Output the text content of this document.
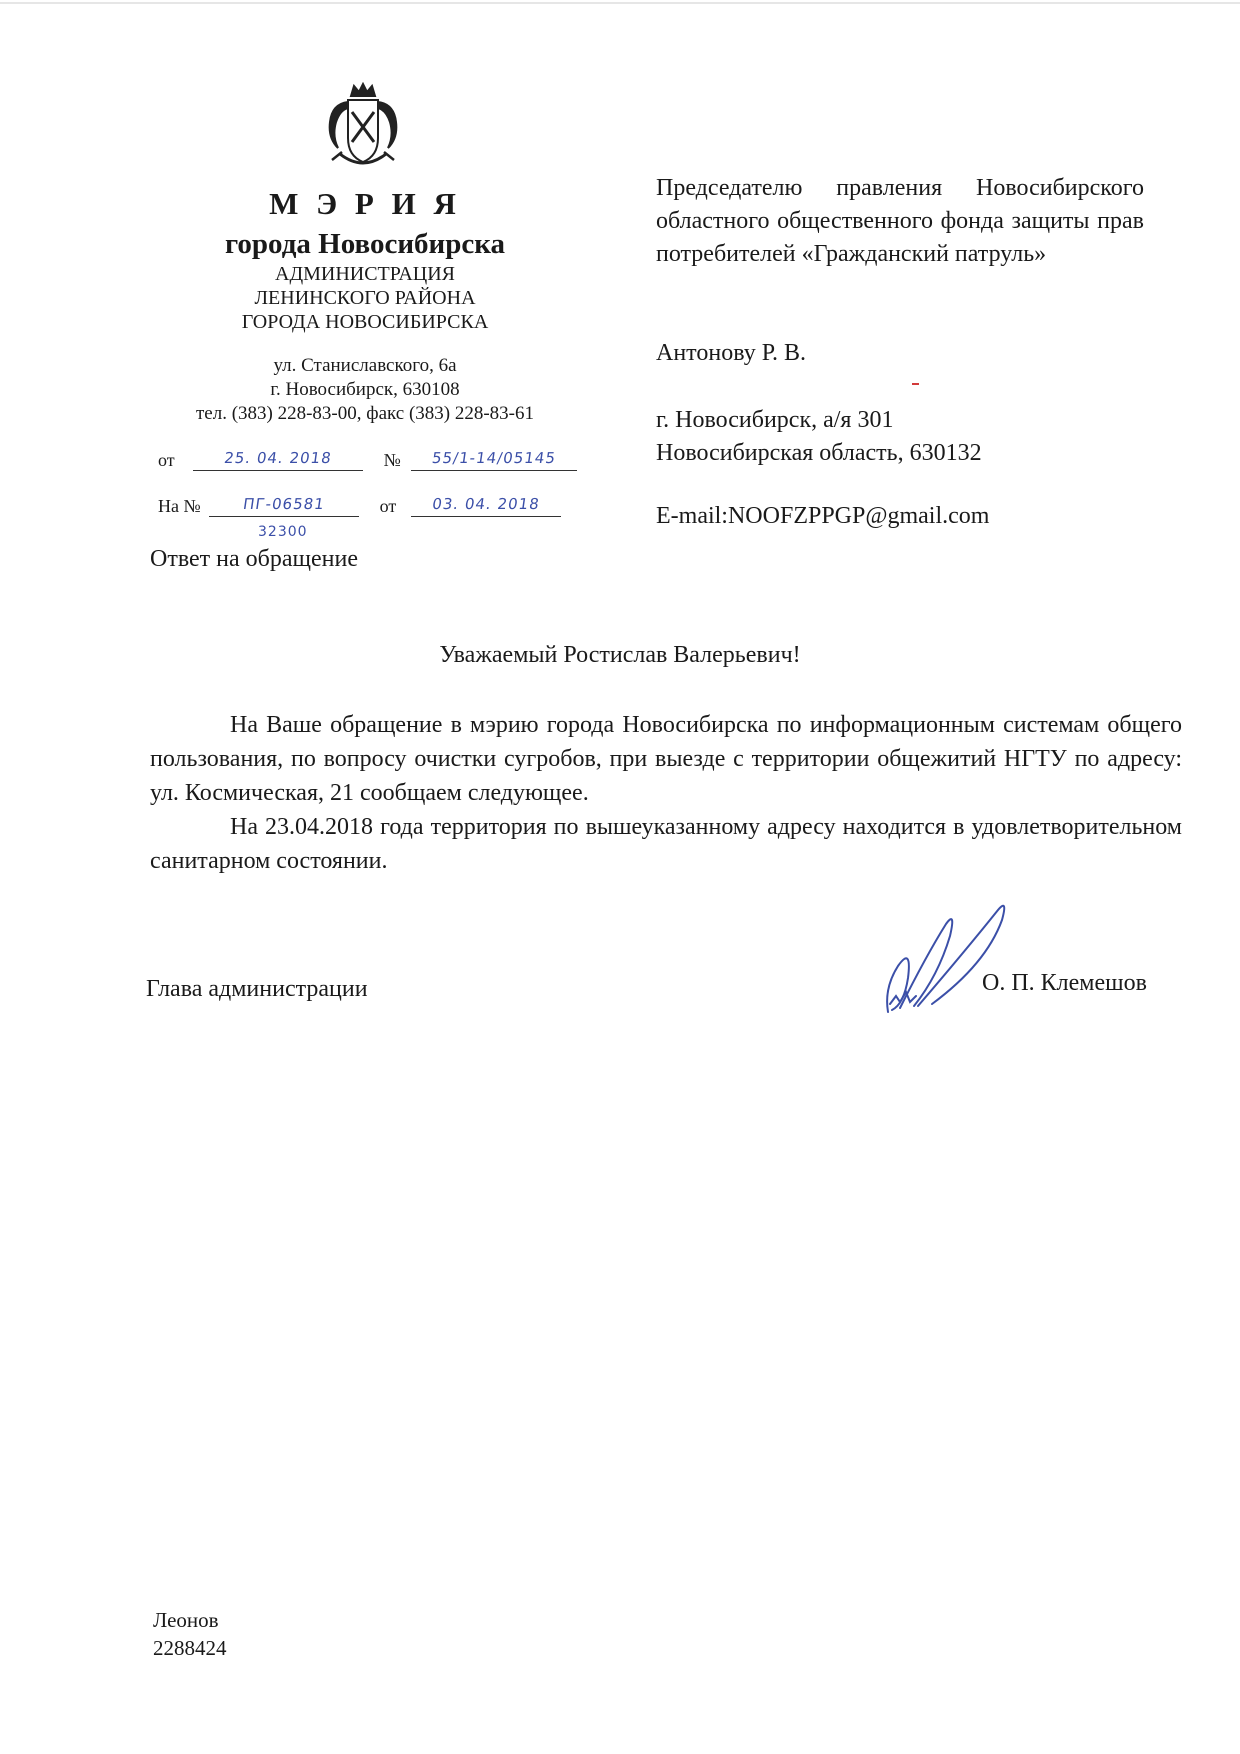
М Э Р И Я
города Новосибирска
АДМИНИСТРАЦИЯ
ЛЕНИНСКОГО РАЙОНА
ГОРОДА НОВОСИБИРСКА
ул. Станиславского, 6а
г. Новосибирск, 630108
тел. (383) 228-83-00, факс (383) 228-83-61
от	25. 04. 2018	№	55/1-14/05145
На №	ПГ-06581	от	03. 04. 2018
32300
Ответ на обращение
Председателю правления Новосибирского областного общественного фонда защиты прав потребителей «Гражданский патруль»
Антонову Р. В.
г. Новосибирск, а/я 301
Новосибирская область, 630132
E-mail:NOOFZPPGP@gmail.com
Уважаемый Ростислав Валерьевич!
На Ваше обращение в мэрию города Новосибирска по информационным системам общего пользования, по вопросу очистки сугробов, при выезде с территории общежитий НГТУ по адресу: ул. Космическая, 21 сообщаем следующее.
На 23.04.2018 года территория по вышеуказанному адресу находится в удовлетворительном санитарном состоянии.
Глава администрации	О. П. Клемешов
Леонов
2288424
